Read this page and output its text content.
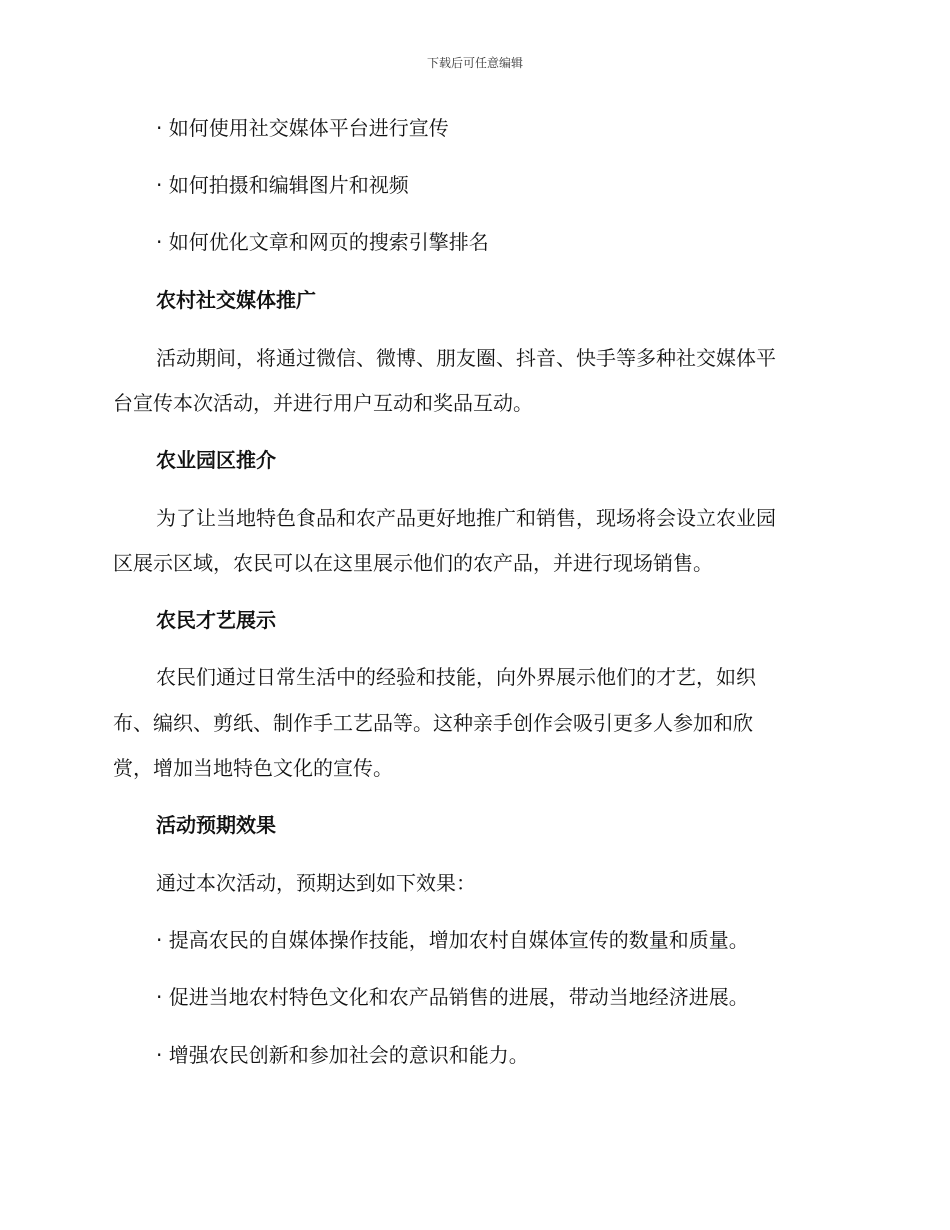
下载后可任意编辑
· 如何使用社交媒体平台进行宣传
· 如何拍摄和编辑图片和视频
· 如何优化文章和网页的搜索引擎排名
农村社交媒体推广
活动期间，将通过微信、微博、朋友圈、抖音、快手等多种社交媒体平
台宣传本次活动，并进行用户互动和奖品互动。
农业园区推介
为了让当地特色食品和农产品更好地推广和销售，现场将会设立农业园
区展示区域，农民可以在这里展示他们的农产品，并进行现场销售。
农民才艺展示
农民们通过日常生活中的经验和技能，向外界展示他们的才艺，如织
布、编织、剪纸、制作手工艺品等。这种亲手创作会吸引更多人参加和欣
赏，增加当地特色文化的宣传。
活动预期效果
通过本次活动，预期达到如下效果：
· 提高农民的自媒体操作技能，增加农村自媒体宣传的数量和质量。
· 促进当地农村特色文化和农产品销售的进展，带动当地经济进展。
· 增强农民创新和参加社会的意识和能力。
